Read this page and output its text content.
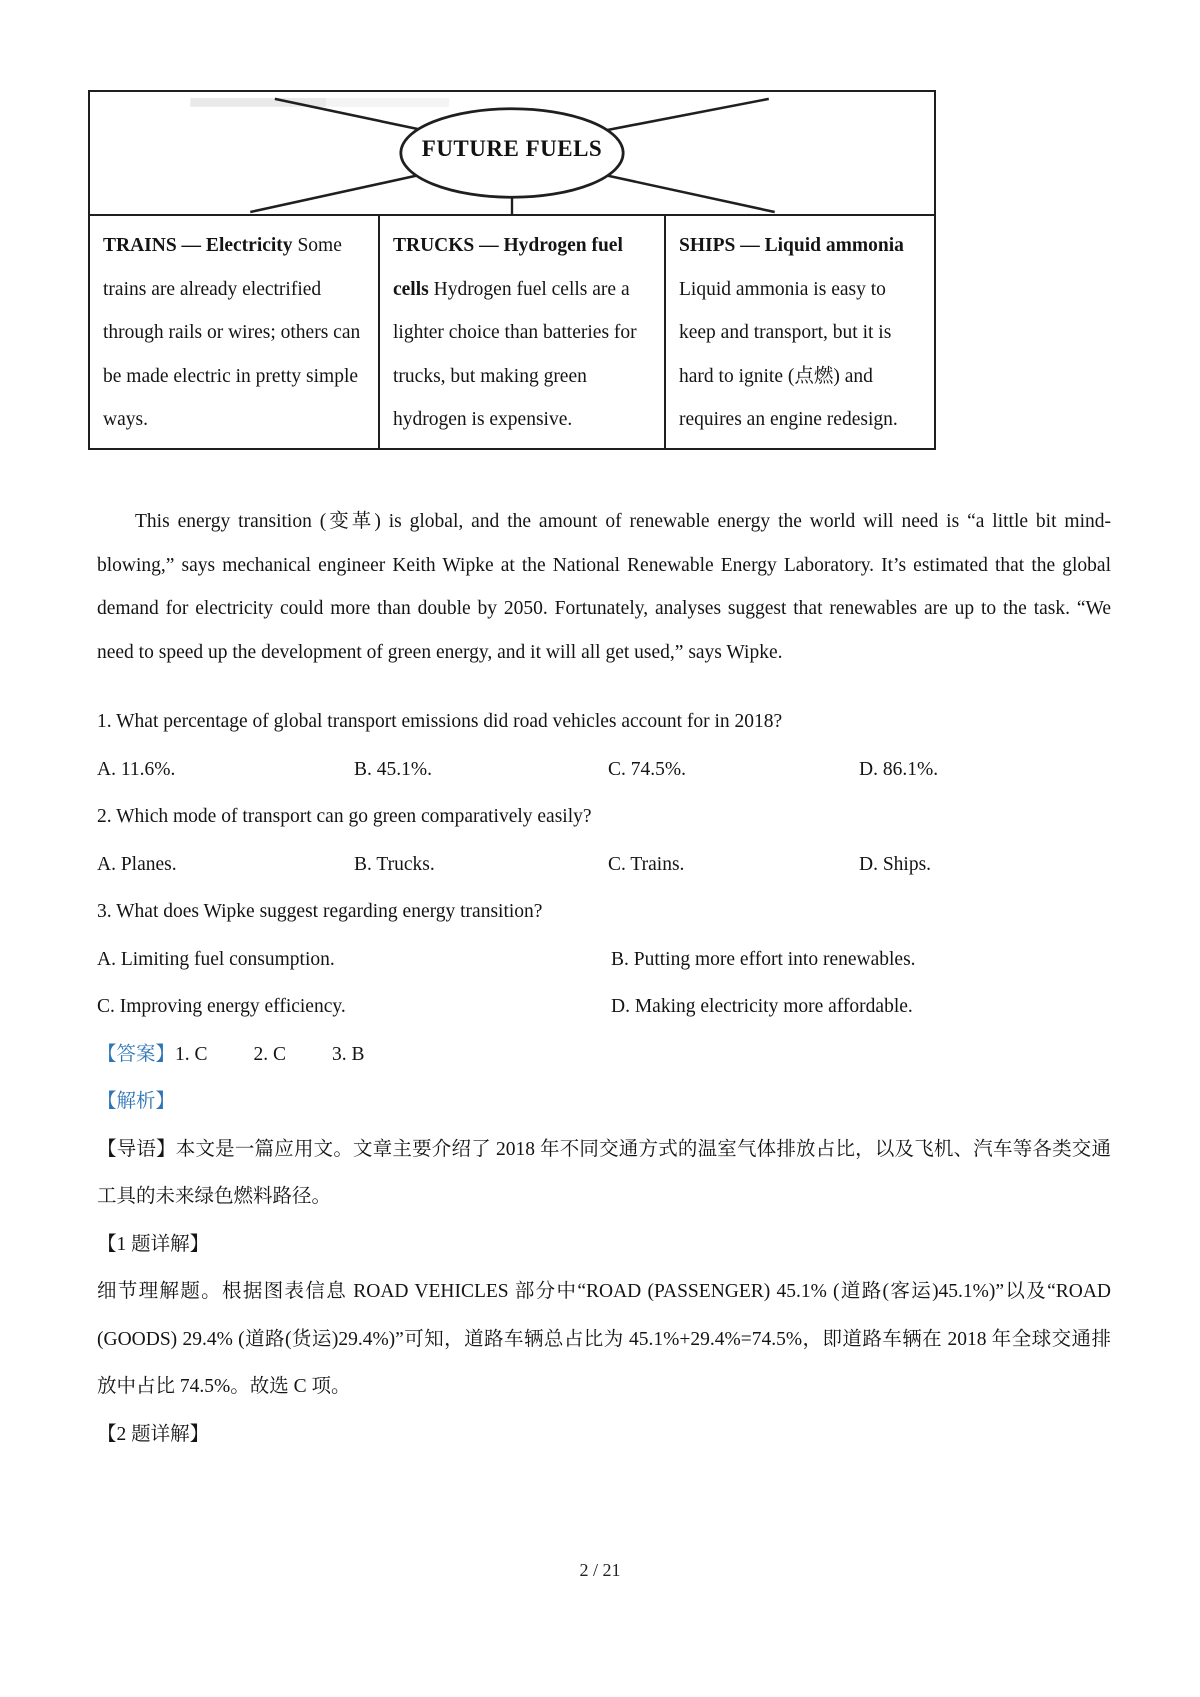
FUTURE FUELS
TRAINS — Electricity Some trains are already electrified through rails or wires; others can be made electric in pretty simple ways.
TRUCKS — Hydrogen fuel cells Hydrogen fuel cells are a lighter choice than batteries for trucks, but making green hydrogen is expensive.
SHIPS — Liquid ammonia Liquid ammonia is easy to keep and transport, but it is hard to ignite (点燃) and requires an engine redesign.

This energy transition (变革) is global, and the amount of renewable energy the world will need is “a little bit mind-blowing,” says mechanical engineer Keith Wipke at the National Renewable Energy Laboratory. It’s estimated that the global demand for electricity could more than double by 2050. Fortunately, analyses suggest that renewables are up to the task. “We need to speed up the development of green energy, and it will all get used,” says Wipke.

1. What percentage of global transport emissions did road vehicles account for in 2018?
A. 11.6%.	B. 45.1%.	C. 74.5%.	D. 86.1%.
2. Which mode of transport can go green comparatively easily?
A. Planes.	B. Trucks.	C. Trains.	D. Ships.
3. What does Wipke suggest regarding energy transition?
A. Limiting fuel consumption.	B. Putting more effort into renewables.
C. Improving energy efficiency.	D. Making electricity more affordable.
【答案】 1. C 2. C 3. B
【解析】
【导语】本文是一篇应用文。文章主要介绍了 2018 年不同交通方式的温室气体排放占比，以及飞机、汽车等各类交通工具的未来绿色燃料路径。
【1 题详解】
细节理解题。根据图表信息 ROAD VEHICLES 部分中“ROAD (PASSENGER) 45.1% (道路(客运)45.1%)”以及“ROAD (GOODS) 29.4% (道路(货运)29.4%)”可知，道路车辆总占比为 45.1%+29.4%=74.5%，即道路车辆在 2018 年全球交通排放中占比 74.5%。故选 C 项。
【2 题详解】
2 / 21
